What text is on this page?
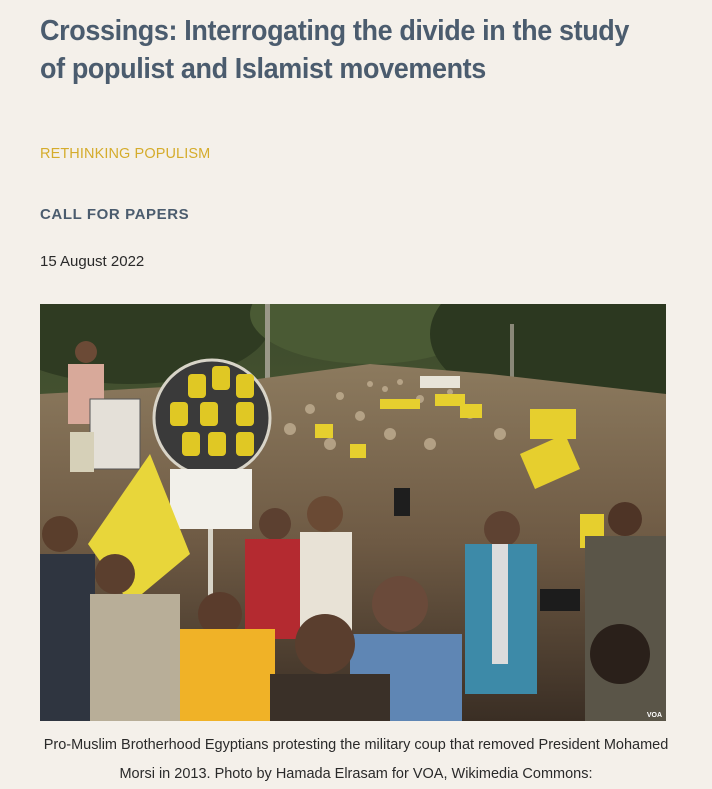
Crossings: Interrogating the divide in the study of populist and Islamist movements
RETHINKING POPULISM
CALL FOR PAPERS
15 August 2022
VOA

Pro-Muslim Brotherhood Egyptians protesting the military coup that removed President Mohamed Morsi in 2013. Photo by Hamada Elrasam for VOA, Wikimedia Commons:
